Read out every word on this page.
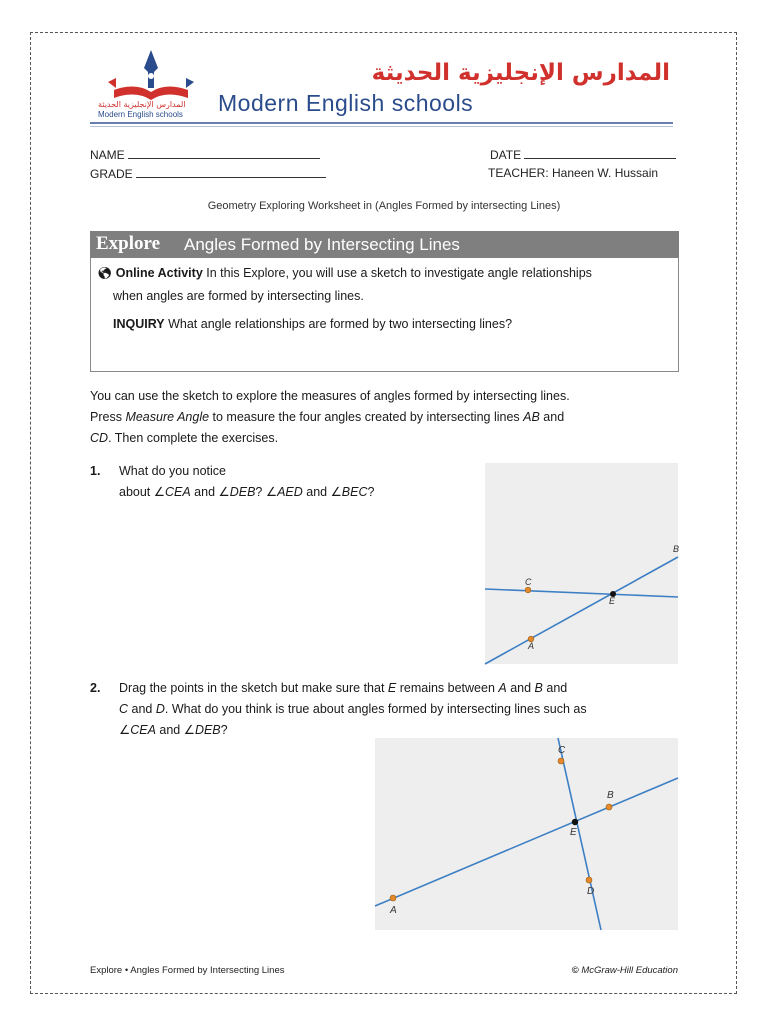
المدارس الإنجليزية الحديثة
Modern English schools
المدارس الإنجليزية الحديثة
Modern English schools
NAME
GRADE
DATE
TEACHER: Haneen W. Hussain
Geometry Exploring Worksheet in (Angles Formed by intersecting Lines)
Explore Angles Formed by Intersecting Lines
🌎︎ Online Activity In this Explore, you will use a sketch to investigate angle relationships
when angles are formed by intersecting lines.
INQUIRY What angle relationships are formed by two intersecting lines?
You can use the sketch to explore the measures of angles formed by intersecting lines.
Press Measure Angle to measure the four angles created by intersecting lines AB and
CD. Then complete the exercises.
1. What do you notice
about ∠CEA and ∠DEB? ∠AED and ∠BEC?
C
E
A
B
2. Drag the points in the sketch but make sure that E remains between A and B and
C and D. What do you think is true about angles formed by intersecting lines such as
∠CEA and ∠DEB?
C
B
E
D
A
Explore • Angles Formed by Intersecting Lines	© McGraw-Hill Education
